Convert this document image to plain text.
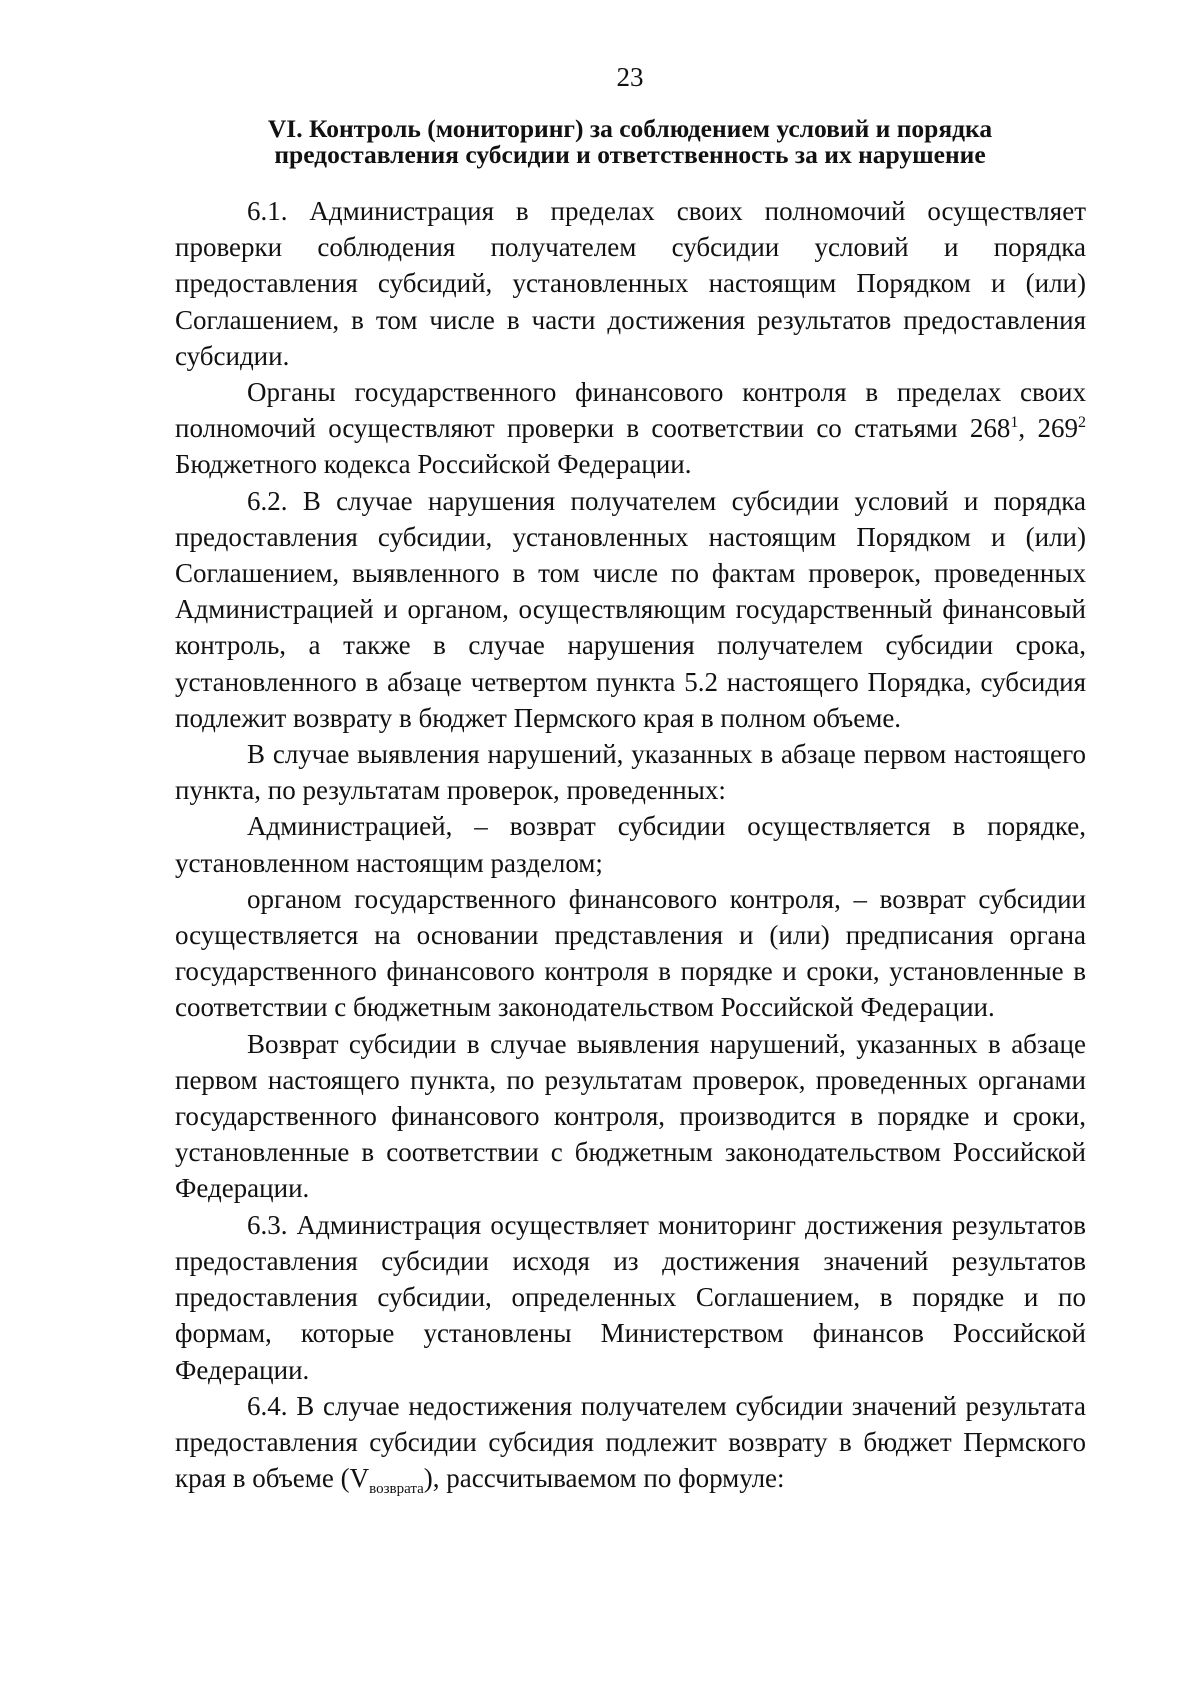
23
VI. Контроль (мониторинг) за соблюдением условий и порядка
предоставления субсидии и ответственность за их нарушение

6.1. Администрация в пределах своих полномочий осуществляет проверки соблюдения получателем субсидии условий и порядка предоставления субсидий, установленных настоящим Порядком и (или) Соглашением, в том числе в части достижения результатов предоставления субсидии.

Органы государственного финансового контроля в пределах своих полномочий осуществляют проверки в соответствии со статьями $268^1$, $269^2$ Бюджетного кодекса Российской Федерации.

6.2. В случае нарушения получателем субсидии условий и порядка предоставления субсидии, установленных настоящим Порядком и (или) Соглашением, выявленного в том числе по фактам проверок, проведенных Администрацией и органом, осуществляющим государственный финансовый контроль, а также в случае нарушения получателем субсидии срока, установленного в абзаце четвертом пункта 5.2 настоящего Порядка, субсидия подлежит возврату в бюджет Пермского края в полном объеме.

В случае выявления нарушений, указанных в абзаце первом настоящего пункта, по результатам проверок, проведенных:

Администрацией, – возврат субсидии осуществляется в порядке, установленном настоящим разделом;

органом государственного финансового контроля, – возврат субсидии осуществляется на основании представления и (или) предписания органа государственного финансового контроля в порядке и сроки, установленные в соответствии с бюджетным законодательством Российской Федерации.

Возврат субсидии в случае выявления нарушений, указанных в абзаце первом настоящего пункта, по результатам проверок, проведенных органами государственного финансового контроля, производится в порядке и сроки, установленные в соответствии с бюджетным законодательством Российской Федерации.

6.3. Администрация осуществляет мониторинг достижения результатов предоставления субсидии исходя из достижения значений результатов предоставления субсидии, определенных Соглашением, в порядке и по формам, которые установлены Министерством финансов Российской Федерации.

6.4. В случае недостижения получателем субсидии значений результата предоставления субсидии субсидия подлежит возврату в бюджет Пермского края в объеме $(V_{возврата})$, рассчитываемом по формуле:
